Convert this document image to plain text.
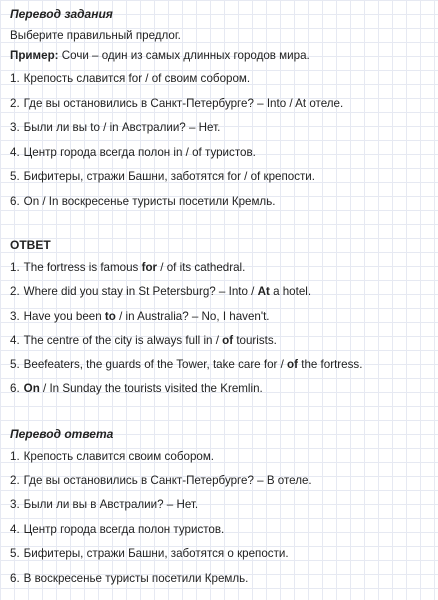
Перевод задания
Выберите правильный предлог.
Пример: Сочи – один из самых длинных городов мира.
1. Крепость славится for / of своим собором.
2. Где вы остановились в Санкт-Петербурге? – Into / At отеле.
3. Были ли вы to / in Австралии? – Нет.
4. Центр города всегда полон in / of туристов.
5. Бифитеры, стражи Башни, заботятся for / of крепости.
6. On / In воскресенье туристы посетили Кремль.
ОТВЕТ
1. The fortress is famous for / of its cathedral.
2. Where did you stay in St Petersburg? – Into / At a hotel.
3. Have you been to / in Australia? – No, I haven't.
4. The centre of the city is always full in / of tourists.
5. Beefeaters, the guards of the Tower, take care for / of the fortress.
6. On / In Sunday the tourists visited the Kremlin.
Перевод ответа
1. Крепость славится своим собором.
2. Где вы остановились в Санкт-Петербурге? – В отеле.
3. Были ли вы в Австралии? – Нет.
4. Центр города всегда полон туристов.
5. Бифитеры, стражи Башни, заботятся о крепости.
6. В воскресенье туристы посетили Кремль.
